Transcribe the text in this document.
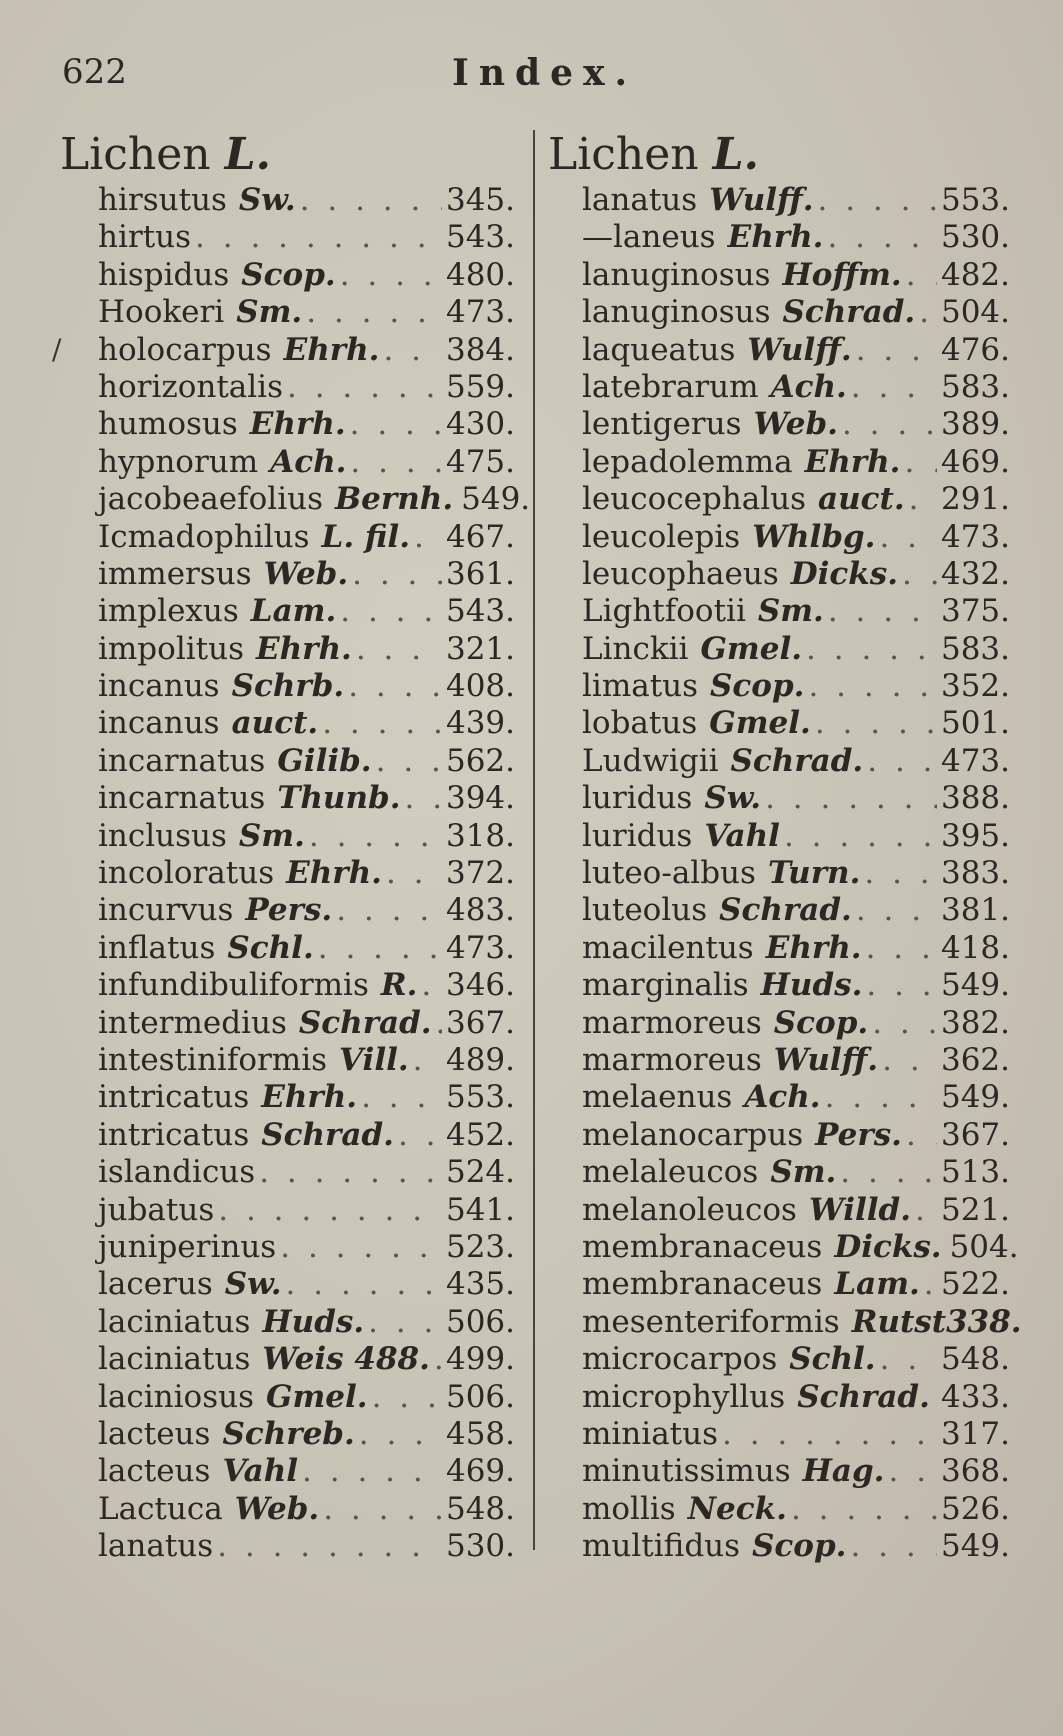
622	Index.
/
Lichen L.
hirsutus Sw. . . .	345.
hirtus . . .	543.
hispidus Scop. . . .	480.
Hookeri Sm. . . .	473.
holocarpus Ehrh. . . . 384.
horizontalis . . .	559.
humosus Ehrh. . . .	430.
hypnorum Ach. . . .	475.
jacobeaefolius Bernh. 549.
Icmadophilus L. fil. . . . 467.
immersus Web. . . .	361.
implexus Lam. . . .	543.
impolitus Ehrh. . . .	321.
incanus Schrb. . . .	408.
incanus auct. . . .	439.
incarnatus Gilib. . . . 562.
incarnatus Thunb. . . . 394.
inclusus Sm. . . .	318.
incoloratus Ehrh. . . . 372.
incurvus Pers. . . .	483.
inflatus Schl. . . .	473.
infundibuliformis R. . . . 346.
intermedius Schrad. . . . 367.
intestiniformis Vill. . . . 489.
intricatus Ehrh. . . .	553.
intricatus Schrad. . . . 452.
islandicus . . .	524.
jubatus . . .	541.
juniperinus . . .	523.
lacerus Sw. . . .	435.
laciniatus Huds. . . .	506.
laciniatus Weis 488. . . . 499.
laciniosus Gmel. . . .	506.
lacteus Schreb. . . .	458.
lacteus Vahl . . .	469.
Lactuca Web. . . .	548.
lanatus . . .	530.
Lichen L.
lanatus Wulff. . . .	553.
—laneus Ehrh. . . .	530.
lanuginosus Hoffm. . . . 482.
lanuginosus Schrad. . . . 504.
laqueatus Wulff. . . .	476.
latebrarum Ach. . . .	583.
lentigerus Web. . . .	389.
lepadolemma Ehrh. . . . 469.
leucocephalus auct. . . . 291.
leucolepis Whlbg. . . . 473.
leucophaeus Dicks. . . . 432.
Lightfootii Sm. . . .	375.
Linckii Gmel. . . .	583.
limatus Scop. . . .	352.
lobatus Gmel. . . .	501.
Ludwigii Schrad. . . .	473.
luridus Sw. . . .	388.
luridus Vahl . . .	395.
luteo-albus Turn. . . .	383.
luteolus Schrad. . . .	381.
macilentus Ehrh. . . .	418.
marginalis Huds. . . .	549.
marmoreus Scop. . . . 382.
marmoreus Wulff. . . . 362.
melaenus Ach. . . .	549.
melanocarpus Pers. . . . 367.
melaleucos Sm. . . .	513.
melanoleucos Willd. . . . 521.
membranaceus Dicks. 504.
membranaceus Lam. . . . 522.
mesenteriformis Rutst338.
microcarpos Schl. . . . 548.
microphyllus Schrad. . . . 433.
miniatus . . .	317.
minutissimus Hag. . . . 368.
mollis Neck. . . .	526.
multifidus Scop. . . .	549.
